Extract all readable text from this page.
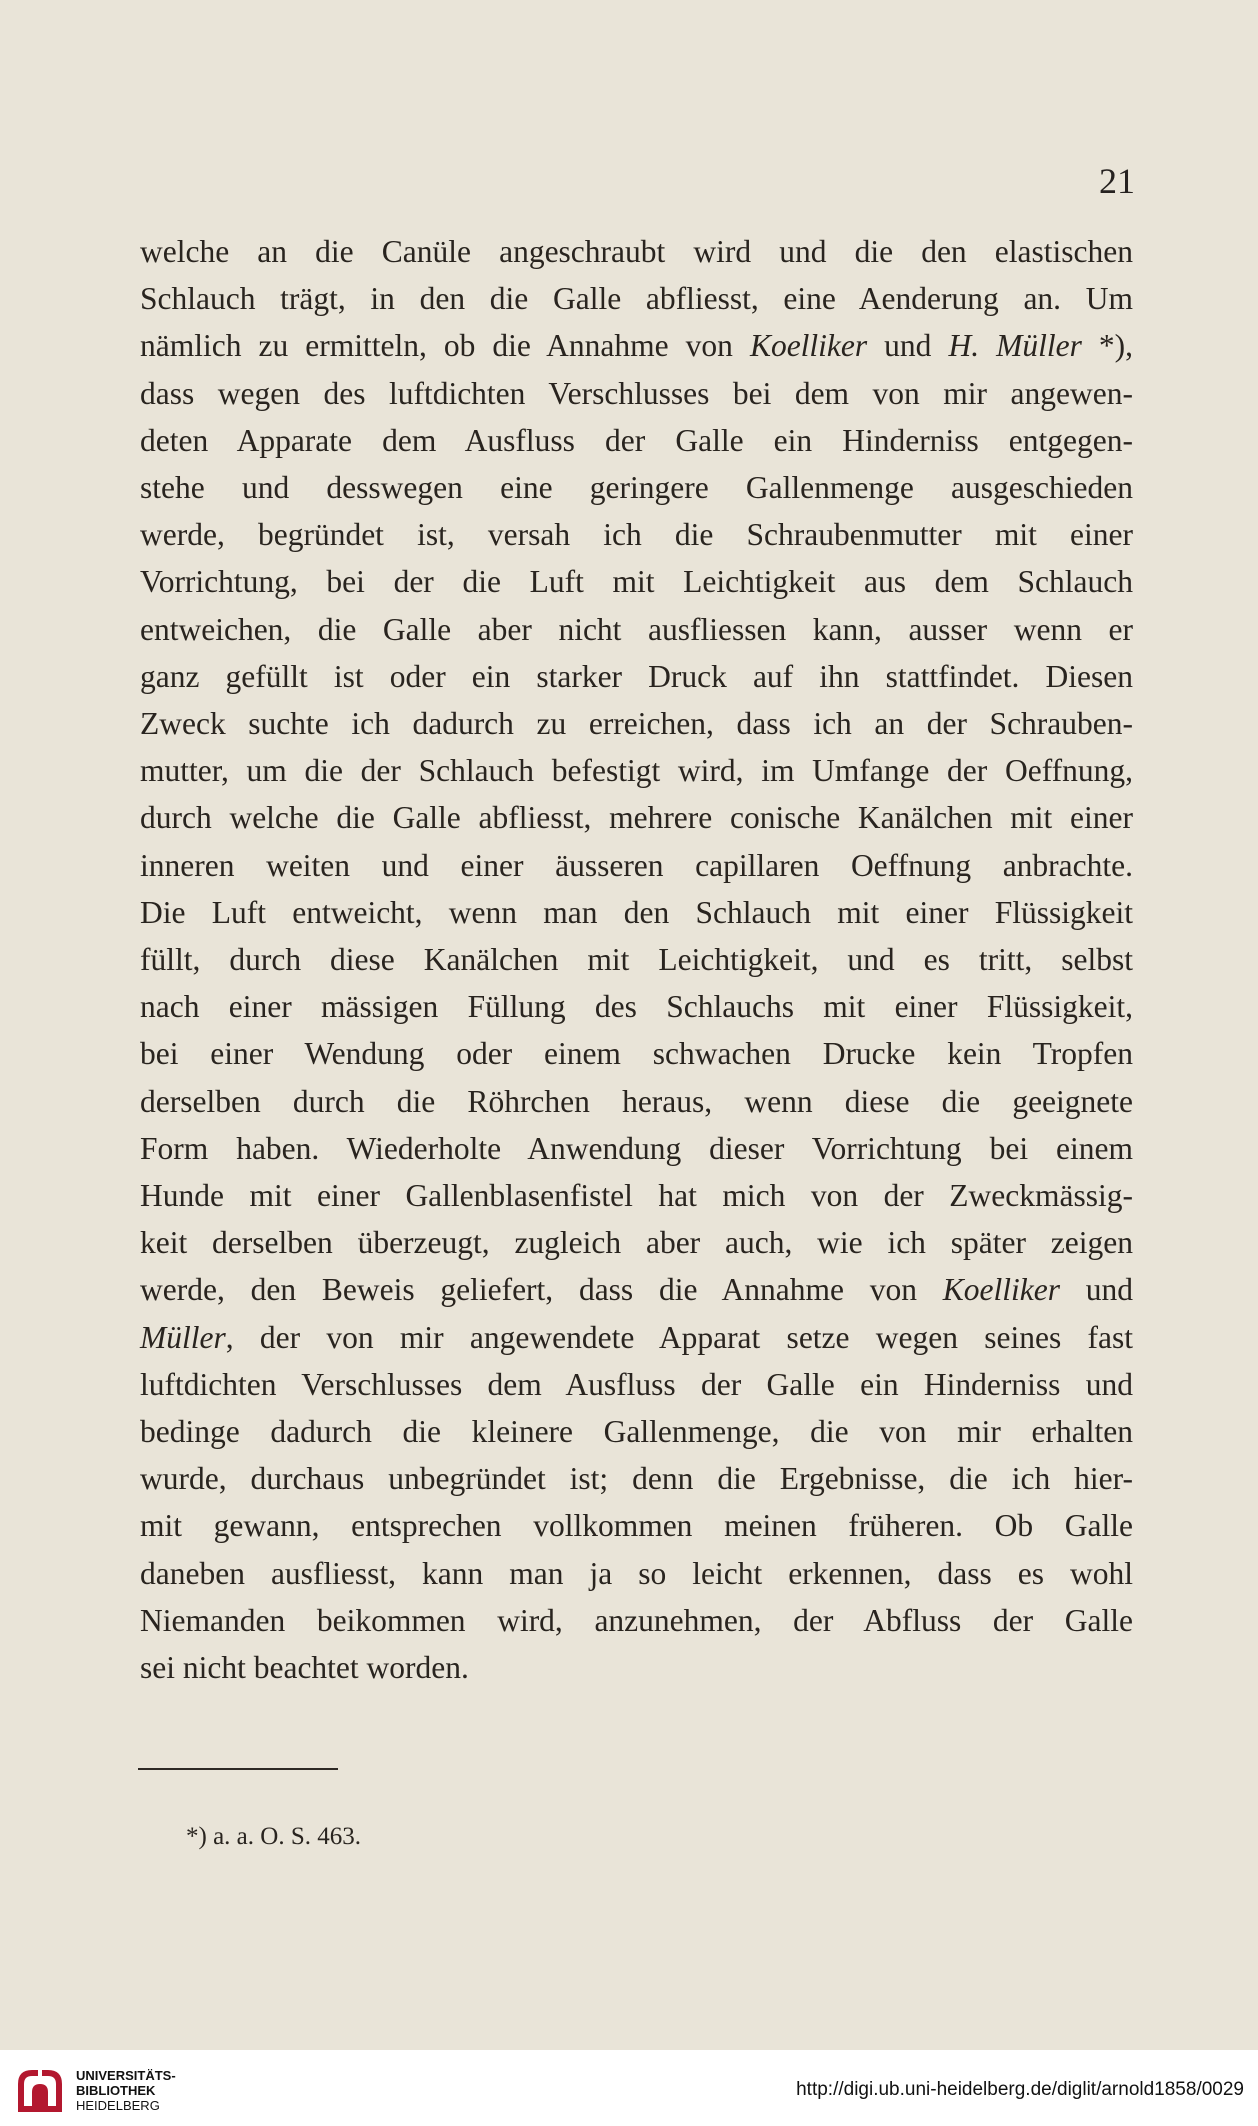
21
welche an die Canüle angeschraubt wird und die den elastischen
Schlauch trägt, in den die Galle abfliesst, eine Aenderung an. Um
nämlich zu ermitteln, ob die Annahme von Koelliker und H. Müller *),
dass wegen des luftdichten Verschlusses bei dem von mir angewen-
deten Apparate dem Ausfluss der Galle ein Hinderniss entgegen-
stehe und desswegen eine geringere Gallenmenge ausgeschieden
werde, begründet ist, versah ich die Schraubenmutter mit einer
Vorrichtung, bei der die Luft mit Leichtigkeit aus dem Schlauch
entweichen, die Galle aber nicht ausfliessen kann, ausser wenn er
ganz gefüllt ist oder ein starker Druck auf ihn stattfindet. Diesen
Zweck suchte ich dadurch zu erreichen, dass ich an der Schrauben-
mutter, um die der Schlauch befestigt wird, im Umfange der Oeffnung,
durch welche die Galle abfliesst, mehrere conische Kanälchen mit einer
inneren weiten und einer äusseren capillaren Oeffnung anbrachte.
Die Luft entweicht, wenn man den Schlauch mit einer Flüssigkeit
füllt, durch diese Kanälchen mit Leichtigkeit, und es tritt, selbst
nach einer mässigen Füllung des Schlauchs mit einer Flüssigkeit,
bei einer Wendung oder einem schwachen Drucke kein Tropfen
derselben durch die Röhrchen heraus, wenn diese die geeignete
Form haben. Wiederholte Anwendung dieser Vorrichtung bei einem
Hunde mit einer Gallenblasenfistel hat mich von der Zweckmässig-
keit derselben überzeugt, zugleich aber auch, wie ich später zeigen
werde, den Beweis geliefert, dass die Annahme von Koelliker und
Müller, der von mir angewendete Apparat setze wegen seines fast
luftdichten Verschlusses dem Ausfluss der Galle ein Hinderniss und
bedinge dadurch die kleinere Gallenmenge, die von mir erhalten
wurde, durchaus unbegründet ist; denn die Ergebnisse, die ich hier-
mit gewann, entsprechen vollkommen meinen früheren. Ob Galle
daneben ausfliesst, kann man ja so leicht erkennen, dass es wohl
Niemanden beikommen wird, anzunehmen, der Abfluss der Galle
sei nicht beachtet worden.
*) a. a. O. S. 463.
UNIVERSITÄTS-
BIBLIOTHEK
HEIDELBERG
http://digi.ub.uni-heidelberg.de/diglit/arnold1858/0029
